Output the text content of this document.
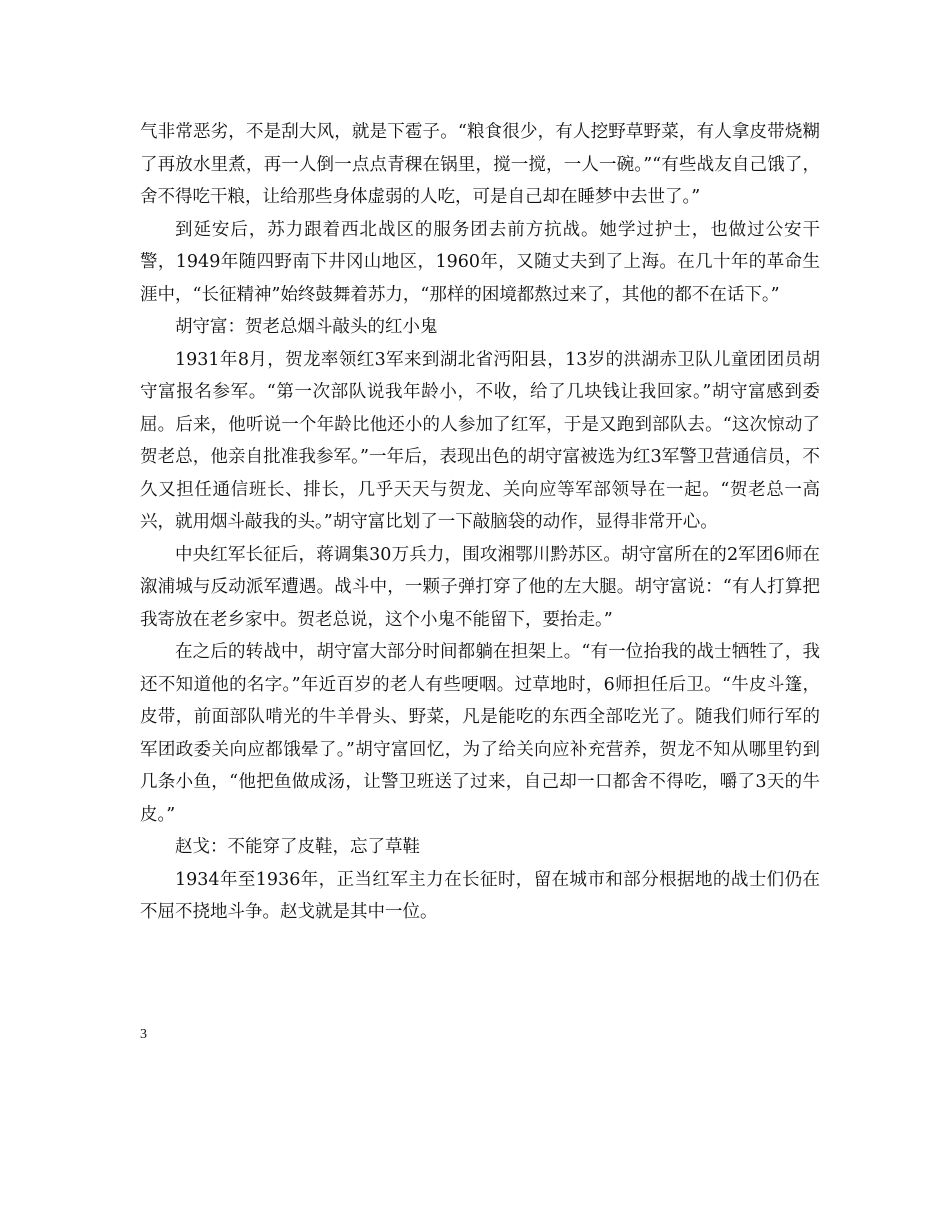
气非常恶劣，不是刮大风，就是下雹子。“粮食很少，有人挖野草野菜，有人拿皮带烧糊了再放水里煮，再一人倒一点点青稞在锅里，搅一搅，一人一碗。”“有些战友自己饿了，舍不得吃干粮，让给那些身体虚弱的人吃，可是自己却在睡梦中去世了。”

到延安后，苏力跟着西北战区的服务团去前方抗战。她学过护士，也做过公安干警，1949年随四野南下井冈山地区，1960年，又随丈夫到了上海。在几十年的革命生涯中，“长征精神”始终鼓舞着苏力，“那样的困境都熬过来了，其他的都不在话下。”

胡守富：贺老总烟斗敲头的红小鬼

1931年8月，贺龙率领红3军来到湖北省沔阳县，13岁的洪湖赤卫队儿童团团员胡守富报名参军。“第一次部队说我年龄小，不收，给了几块钱让我回家。”胡守富感到委屈。后来，他听说一个年龄比他还小的人参加了红军，于是又跑到部队去。“这次惊动了贺老总，他亲自批准我参军。”一年后，表现出色的胡守富被选为红3军警卫营通信员，不久又担任通信班长、排长，几乎天天与贺龙、关向应等军部领导在一起。“贺老总一高兴，就用烟斗敲我的头。”胡守富比划了一下敲脑袋的动作，显得非常开心。

中央红军长征后，蒋调集30万兵力，围攻湘鄂川黔苏区。胡守富所在的2军团6师在溆浦城与反动派军遭遇。战斗中，一颗子弹打穿了他的左大腿。胡守富说：“有人打算把我寄放在老乡家中。贺老总说，这个小鬼不能留下，要抬走。”

在之后的转战中，胡守富大部分时间都躺在担架上。“有一位抬我的战士牺牲了，我还不知道他的名字。”年近百岁的老人有些哽咽。过草地时，6师担任后卫。“牛皮斗篷，皮带，前面部队啃光的牛羊骨头、野菜，凡是能吃的东西全部吃光了。随我们师行军的军团政委关向应都饿晕了。”胡守富回忆，为了给关向应补充营养，贺龙不知从哪里钓到几条小鱼，“他把鱼做成汤，让警卫班送了过来，自己却一口都舍不得吃，嚼了3天的牛皮。”

赵戈：不能穿了皮鞋，忘了草鞋

1934年至1936年，正当红军主力在长征时，留在城市和部分根据地的战士们仍在不屈不挠地斗争。赵戈就是其中一位。

3
